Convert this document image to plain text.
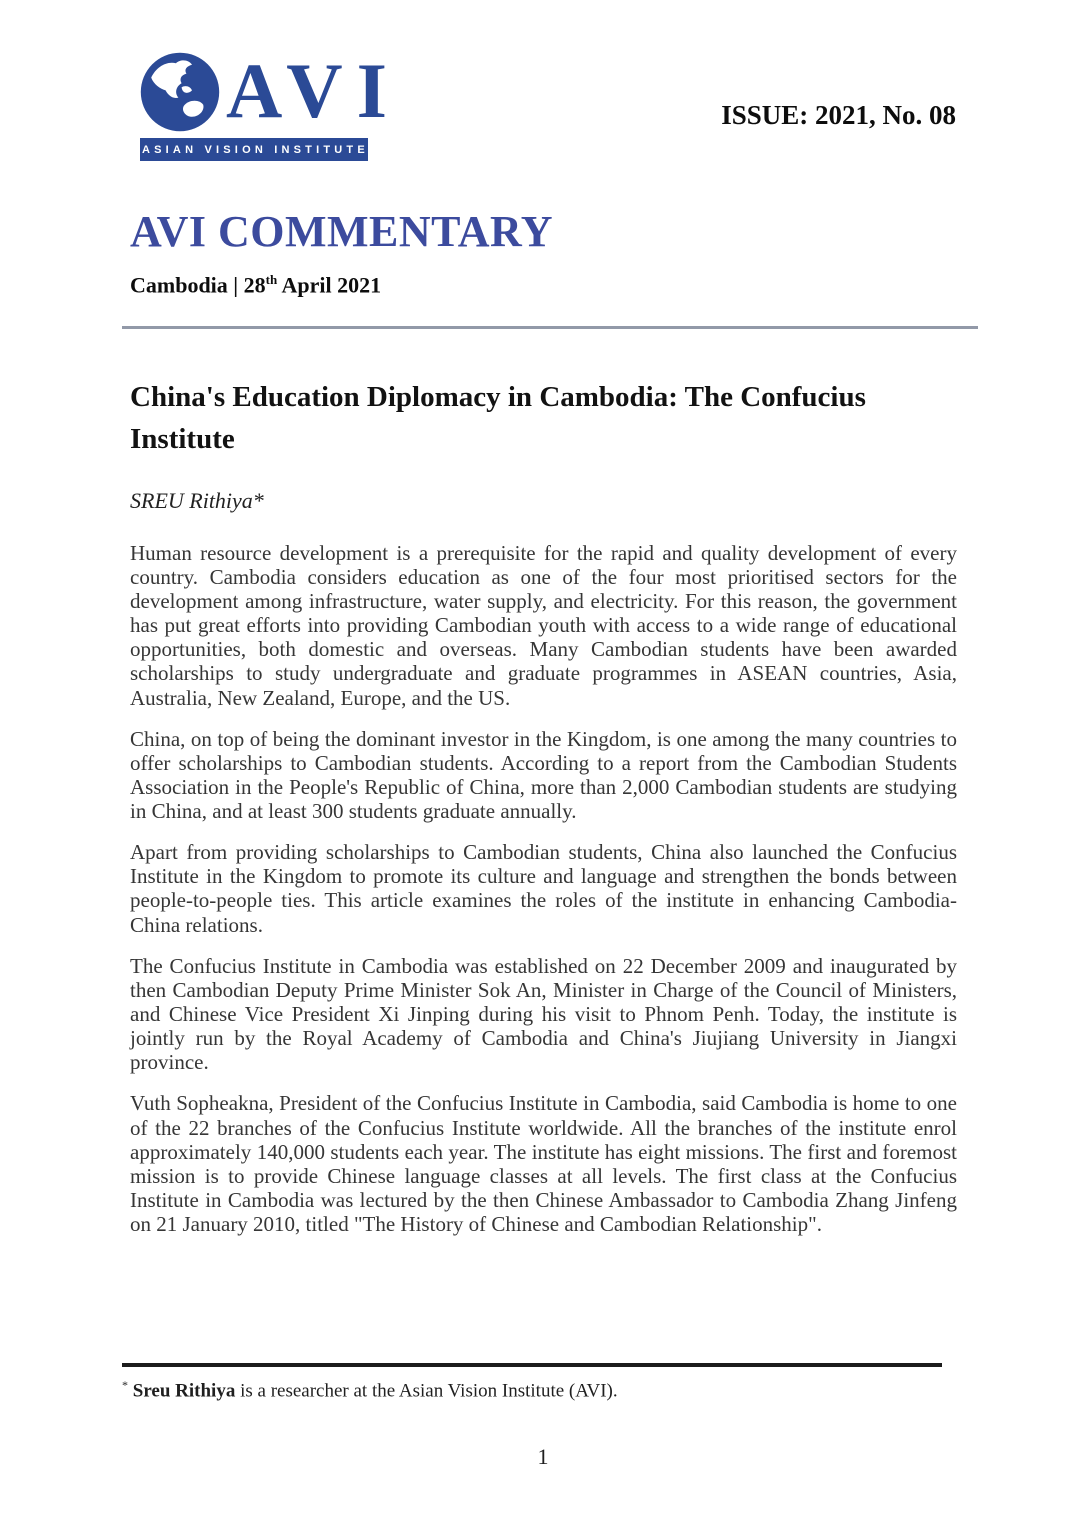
AVI
ASIAN VISION INSTITUTE
ISSUE: 2021, No. 08
AVI COMMENTARY
Cambodia | 28th April 2021
China's Education Diplomacy in Cambodia: The Confucius Institute
SREU Rithiya*

Human resource development is a prerequisite for the rapid and quality development of every country. Cambodia considers education as one of the four most prioritised sectors for the development among infrastructure, water supply, and electricity. For this reason, the government has put great efforts into providing Cambodian youth with access to a wide range of educational opportunities, both domestic and overseas. Many Cambodian students have been awarded scholarships to study undergraduate and graduate programmes in ASEAN countries, Asia, Australia, New Zealand, Europe, and the US.

China, on top of being the dominant investor in the Kingdom, is one among the many countries to offer scholarships to Cambodian students. According to a report from the Cambodian Students Association in the People's Republic of China, more than 2,000 Cambodian students are studying in China, and at least 300 students graduate annually.

Apart from providing scholarships to Cambodian students, China also launched the Confucius Institute in the Kingdom to promote its culture and language and strengthen the bonds between people-to-people ties. This article examines the roles of the institute in enhancing Cambodia-China relations.

The Confucius Institute in Cambodia was established on 22 December 2009 and inaugurated by then Cambodian Deputy Prime Minister Sok An, Minister in Charge of the Council of Ministers, and Chinese Vice President Xi Jinping during his visit to Phnom Penh. Today, the institute is jointly run by the Royal Academy of Cambodia and China's Jiujiang University in Jiangxi province.

Vuth Sopheakna, President of the Confucius Institute in Cambodia, said Cambodia is home to one of the 22 branches of the Confucius Institute worldwide. All the branches of the institute enrol approximately 140,000 students each year. The institute has eight missions. The first and foremost mission is to provide Chinese language classes at all levels. The first class at the Confucius Institute in Cambodia was lectured by the then Chinese Ambassador to Cambodia Zhang Jinfeng on 21 January 2010, titled "The History of Chinese and Cambodian Relationship".

* Sreu Rithiya is a researcher at the Asian Vision Institute (AVI).
1
